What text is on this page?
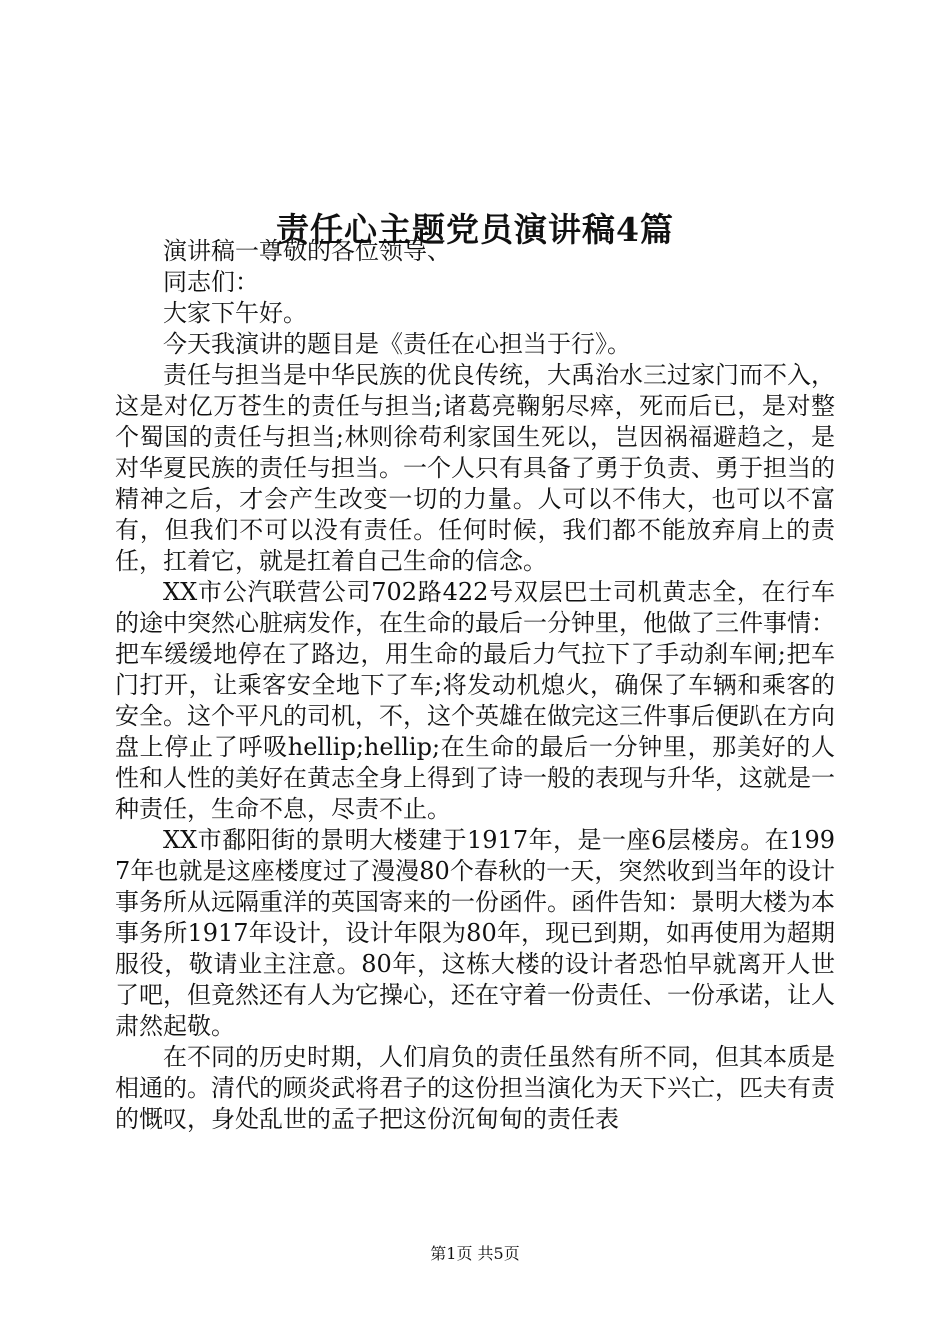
责任心主题党员演讲稿4篇

演讲稿一尊敬的各位领导、

同志们：

大家下午好。

今天我演讲的题目是《责任在心担当于行》。

责任与担当是中华民族的优良传统，大禹治水三过家门而不入，这是对亿万苍生的责任与担当;诸葛亮鞠躬尽瘁，死而后已，是对整个蜀国的责任与担当;林则徐苟利家国生死以，岂因祸福避趋之，是对华夏民族的责任与担当。一个人只有具备了勇于负责、勇于担当的精神之后，才会产生改变一切的力量。人可以不伟大，也可以不富有，但我们不可以没有责任。任何时候，我们都不能放弃肩上的责任，扛着它，就是扛着自己生命的信念。

XX市公汽联营公司702路422号双层巴士司机黄志全，在行车的途中突然心脏病发作，在生命的最后一分钟里，他做了三件事情：把车缓缓地停在了路边，用生命的最后力气拉下了手动刹车闸;把车门打开，让乘客安全地下了车;将发动机熄火，确保了车辆和乘客的安全。这个平凡的司机，不，这个英雄在做完这三件事后便趴在方向盘上停止了呼吸hellip;hellip;在生命的最后一分钟里，那美好的人性和人性的美好在黄志全身上得到了诗一般的表现与升华，这就是一种责任，生命不息，尽责不止。

XX市鄱阳街的景明大楼建于1917年，是一座6层楼房。在1997年也就是这座楼度过了漫漫80个春秋的一天，突然收到当年的设计事务所从远隔重洋的英国寄来的一份函件。函件告知：景明大楼为本事务所1917年设计，设计年限为80年，现已到期，如再使用为超期服役，敬请业主注意。80年，这栋大楼的设计者恐怕早就离开人世了吧，但竟然还有人为它操心，还在守着一份责任、一份承诺，让人肃然起敬。

在不同的历史时期，人们肩负的责任虽然有所不同，但其本质是相通的。清代的顾炎武将君子的这份担当演化为天下兴亡，匹夫有责的慨叹，身处乱世的孟子把这份沉甸甸的责任表

第1页 共5页
